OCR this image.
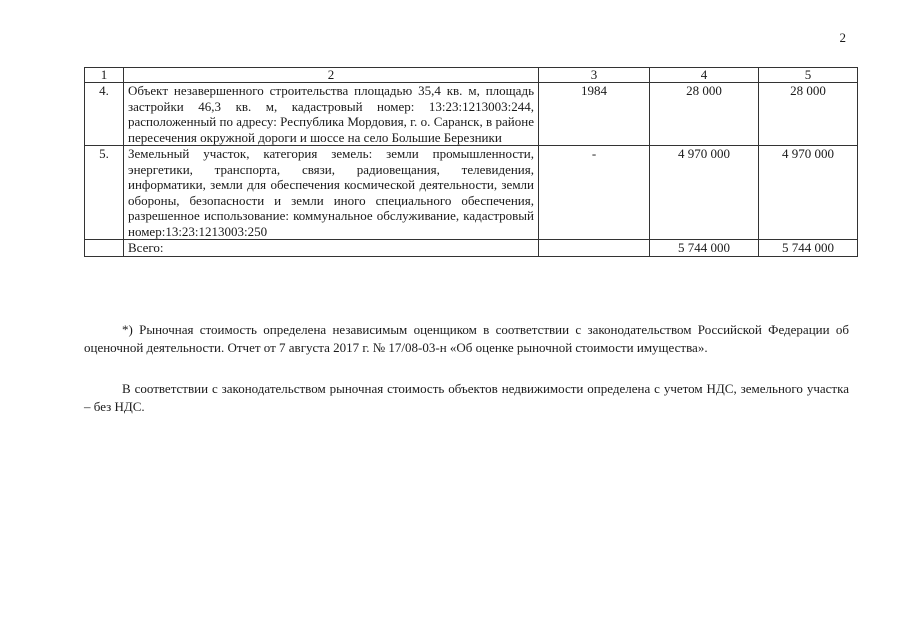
2
1	2	3	4	5
4.	Объект незавершенного строительства площадью 35,4 кв. м, площадь застройки 46,3 кв. м, кадастровый номер: 13:23:1213003:244, расположенный по адресу: Республика Мордовия, г. о. Саранск, в районе пересечения окружной дороги и шоссе на село Большие Березники	1984	28 000	28 000
5.	Земельный участок, категория земель: земли промышленности, энергетики, транспорта, связи, радиовещания, телевидения, информатики, земли для обеспечения космической деятельности, земли обороны, безопасности и земли иного специального обеспечения, разрешенное использование: коммунальное обслуживание, кадастровый номер:13:23:1213003:250	-	4 970 000	4 970 000
	Всего:		5 744 000	5 744 000

*) Рыночная стоимость определена независимым оценщиком в соответствии с законодательством Российской Федерации об оценочной деятельности. Отчет от 7 августа 2017 г. № 17/08-03-н «Об оценке рыночной стоимости имущества».

В соответствии с законодательством рыночная стоимость объектов недвижимости определена с учетом НДС, земельного участка – без НДС.
